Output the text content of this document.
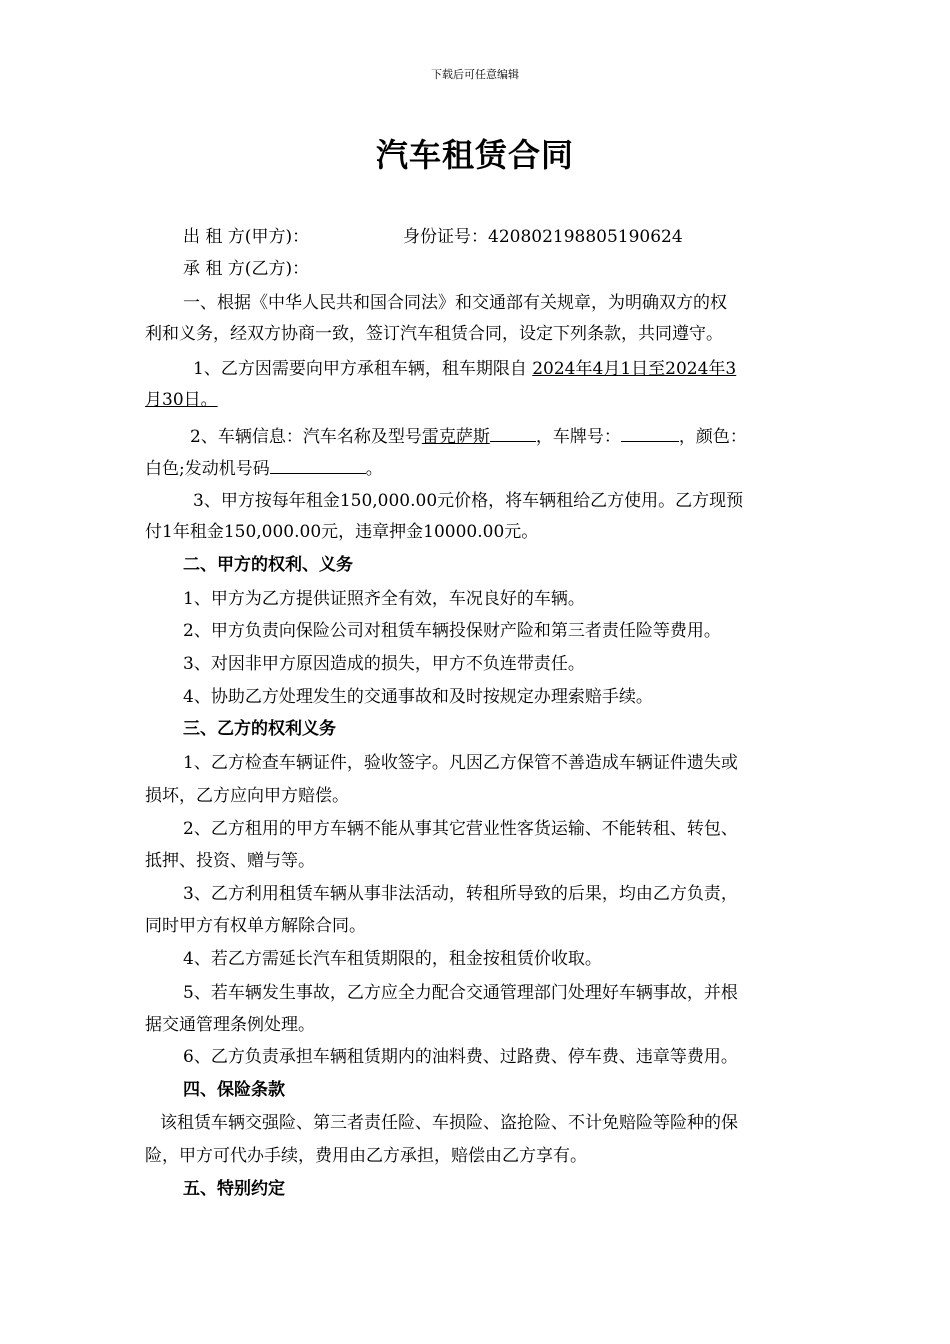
下载后可任意编辑
汽车租赁合同
出 租 方(甲方)：	身份证号：420802198805190624
承 租 方(乙方)：
一、根据《中华人民共和国合同法》和交通部有关规章，为明确双方的权
利和义务，经双方协商一致，签订汽车租赁合同，设定下列条款，共同遵守。
1、乙方因需要向甲方承租车辆，租车期限自 2024年4月1日至2024年3
月30日。
2、车辆信息：汽车名称及型号雷克萨斯	，车牌号：	，颜色：
白色;发动机号码	。
3、甲方按每年租金150,000.00元价格，将车辆租给乙方使用。乙方现预
付1年租金150,000.00元，违章押金10000.00元。
二、甲方的权利、义务
1、甲方为乙方提供证照齐全有效，车况良好的车辆。
2、甲方负责向保险公司对租赁车辆投保财产险和第三者责任险等费用。
3、对因非甲方原因造成的损失，甲方不负连带责任。
4、协助乙方处理发生的交通事故和及时按规定办理索赔手续。
三、乙方的权利义务
1、乙方检查车辆证件，验收签字。凡因乙方保管不善造成车辆证件遗失或
损坏，乙方应向甲方赔偿。
2、乙方租用的甲方车辆不能从事其它营业性客货运输、不能转租、转包、
抵押、投资、赠与等。
3、乙方利用租赁车辆从事非法活动，转租所导致的后果，均由乙方负责，
同时甲方有权单方解除合同。
4、若乙方需延长汽车租赁期限的，租金按租赁价收取。
5、若车辆发生事故，乙方应全力配合交通管理部门处理好车辆事故，并根
据交通管理条例处理。
6、乙方负责承担车辆租赁期内的油料费、过路费、停车费、违章等费用。
四、保险条款
该租赁车辆交强险、第三者责任险、车损险、盗抢险、不计免赔险等险种的保
险，甲方可代办手续，费用由乙方承担，赔偿由乙方享有。
五、特别约定
